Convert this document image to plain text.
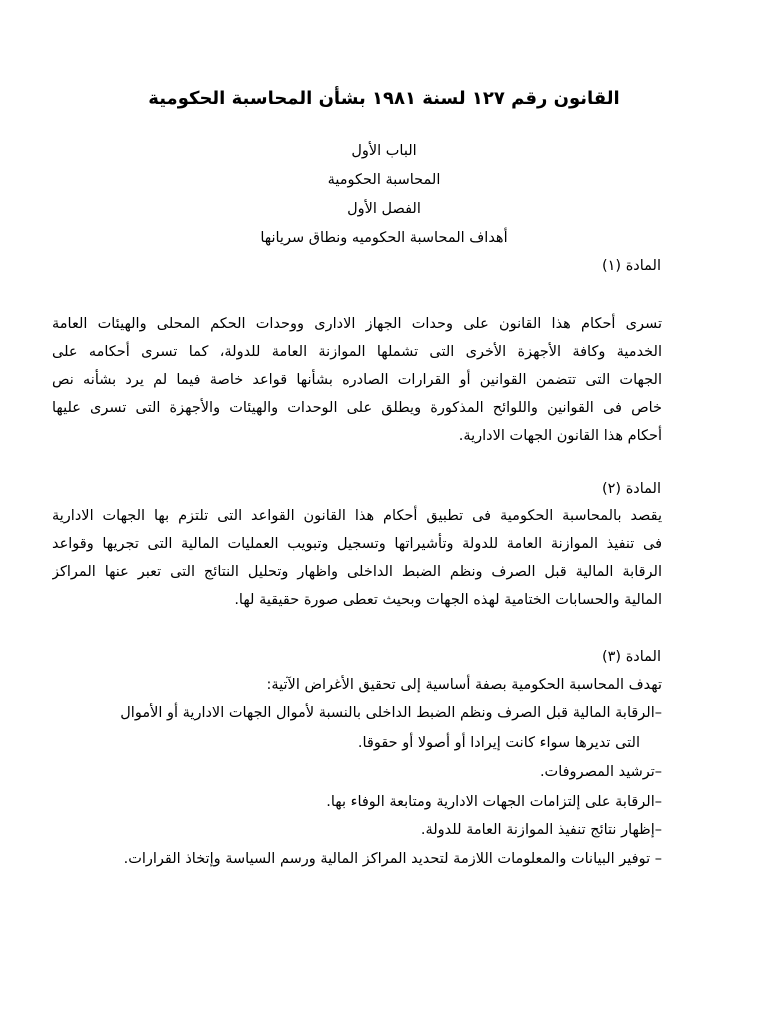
القانون رقم ١٢٧ لسنة ١٩٨١ بشأن المحاسبة الحكومية
الباب الأول
المحاسبة الحكومية
الفصل الأول
أهداف المحاسبة الحكوميه ونطاق سريانها
المادة (١)
تسرى أحكام هذا القانون على وحدات الجهاز الادارى ووحدات الحكم المحلى والهيئات العامة
الخدمية وكافة الأجهزة الأخرى التى تشملها الموازنة العامة للدولة، كما تسرى أحكامه على
الجهات التى تتضمن القوانين أو القرارات الصادره بشأنها قواعد خاصة فيما لم يرد بشأنه نص
خاص فى القوانين واللوائح المذكورة ويطلق على الوحدات والهيئات والأجهزة التى تسرى عليها
أحكام هذا القانون الجهات الادارية.
المادة (٢)
يقصد بالمحاسبة الحكومية فى تطبيق أحكام هذا القانون القواعد التى تلتزم بها الجهات الادارية
فى تنفيذ الموازنة العامة للدولة وتأشيراتها وتسجيل وتبويب العمليات المالية التى تجريها وقواعد
الرقابة المالية قبل الصرف ونظم الضبط الداخلى واظهار وتحليل النتائج التى تعبر عنها المراكز
المالية والحسابات الختامية لهذه الجهات وبحيث تعطى صورة حقيقية لها.
المادة (٣)
تهدف المحاسبة الحكومية بصفة أساسية إلى تحقيق الأغراض الآتية:
–الرقابة المالية قبل الصرف ونظم الضبط الداخلى بالنسبة لأموال الجهات الادارية أو الأموال
التى تديرها سواء كانت إيرادا أو أصولا أو حقوقا.
–ترشيد المصروفات.
–الرقابة على إلتزامات الجهات الادارية ومتابعة الوفاء بها.
–إظهار نتائج تنفيذ الموازنة العامة للدولة.
– توفير البيانات والمعلومات اللازمة لتحديد المراكز المالية ورسم السياسة وإتخاذ القرارات.
